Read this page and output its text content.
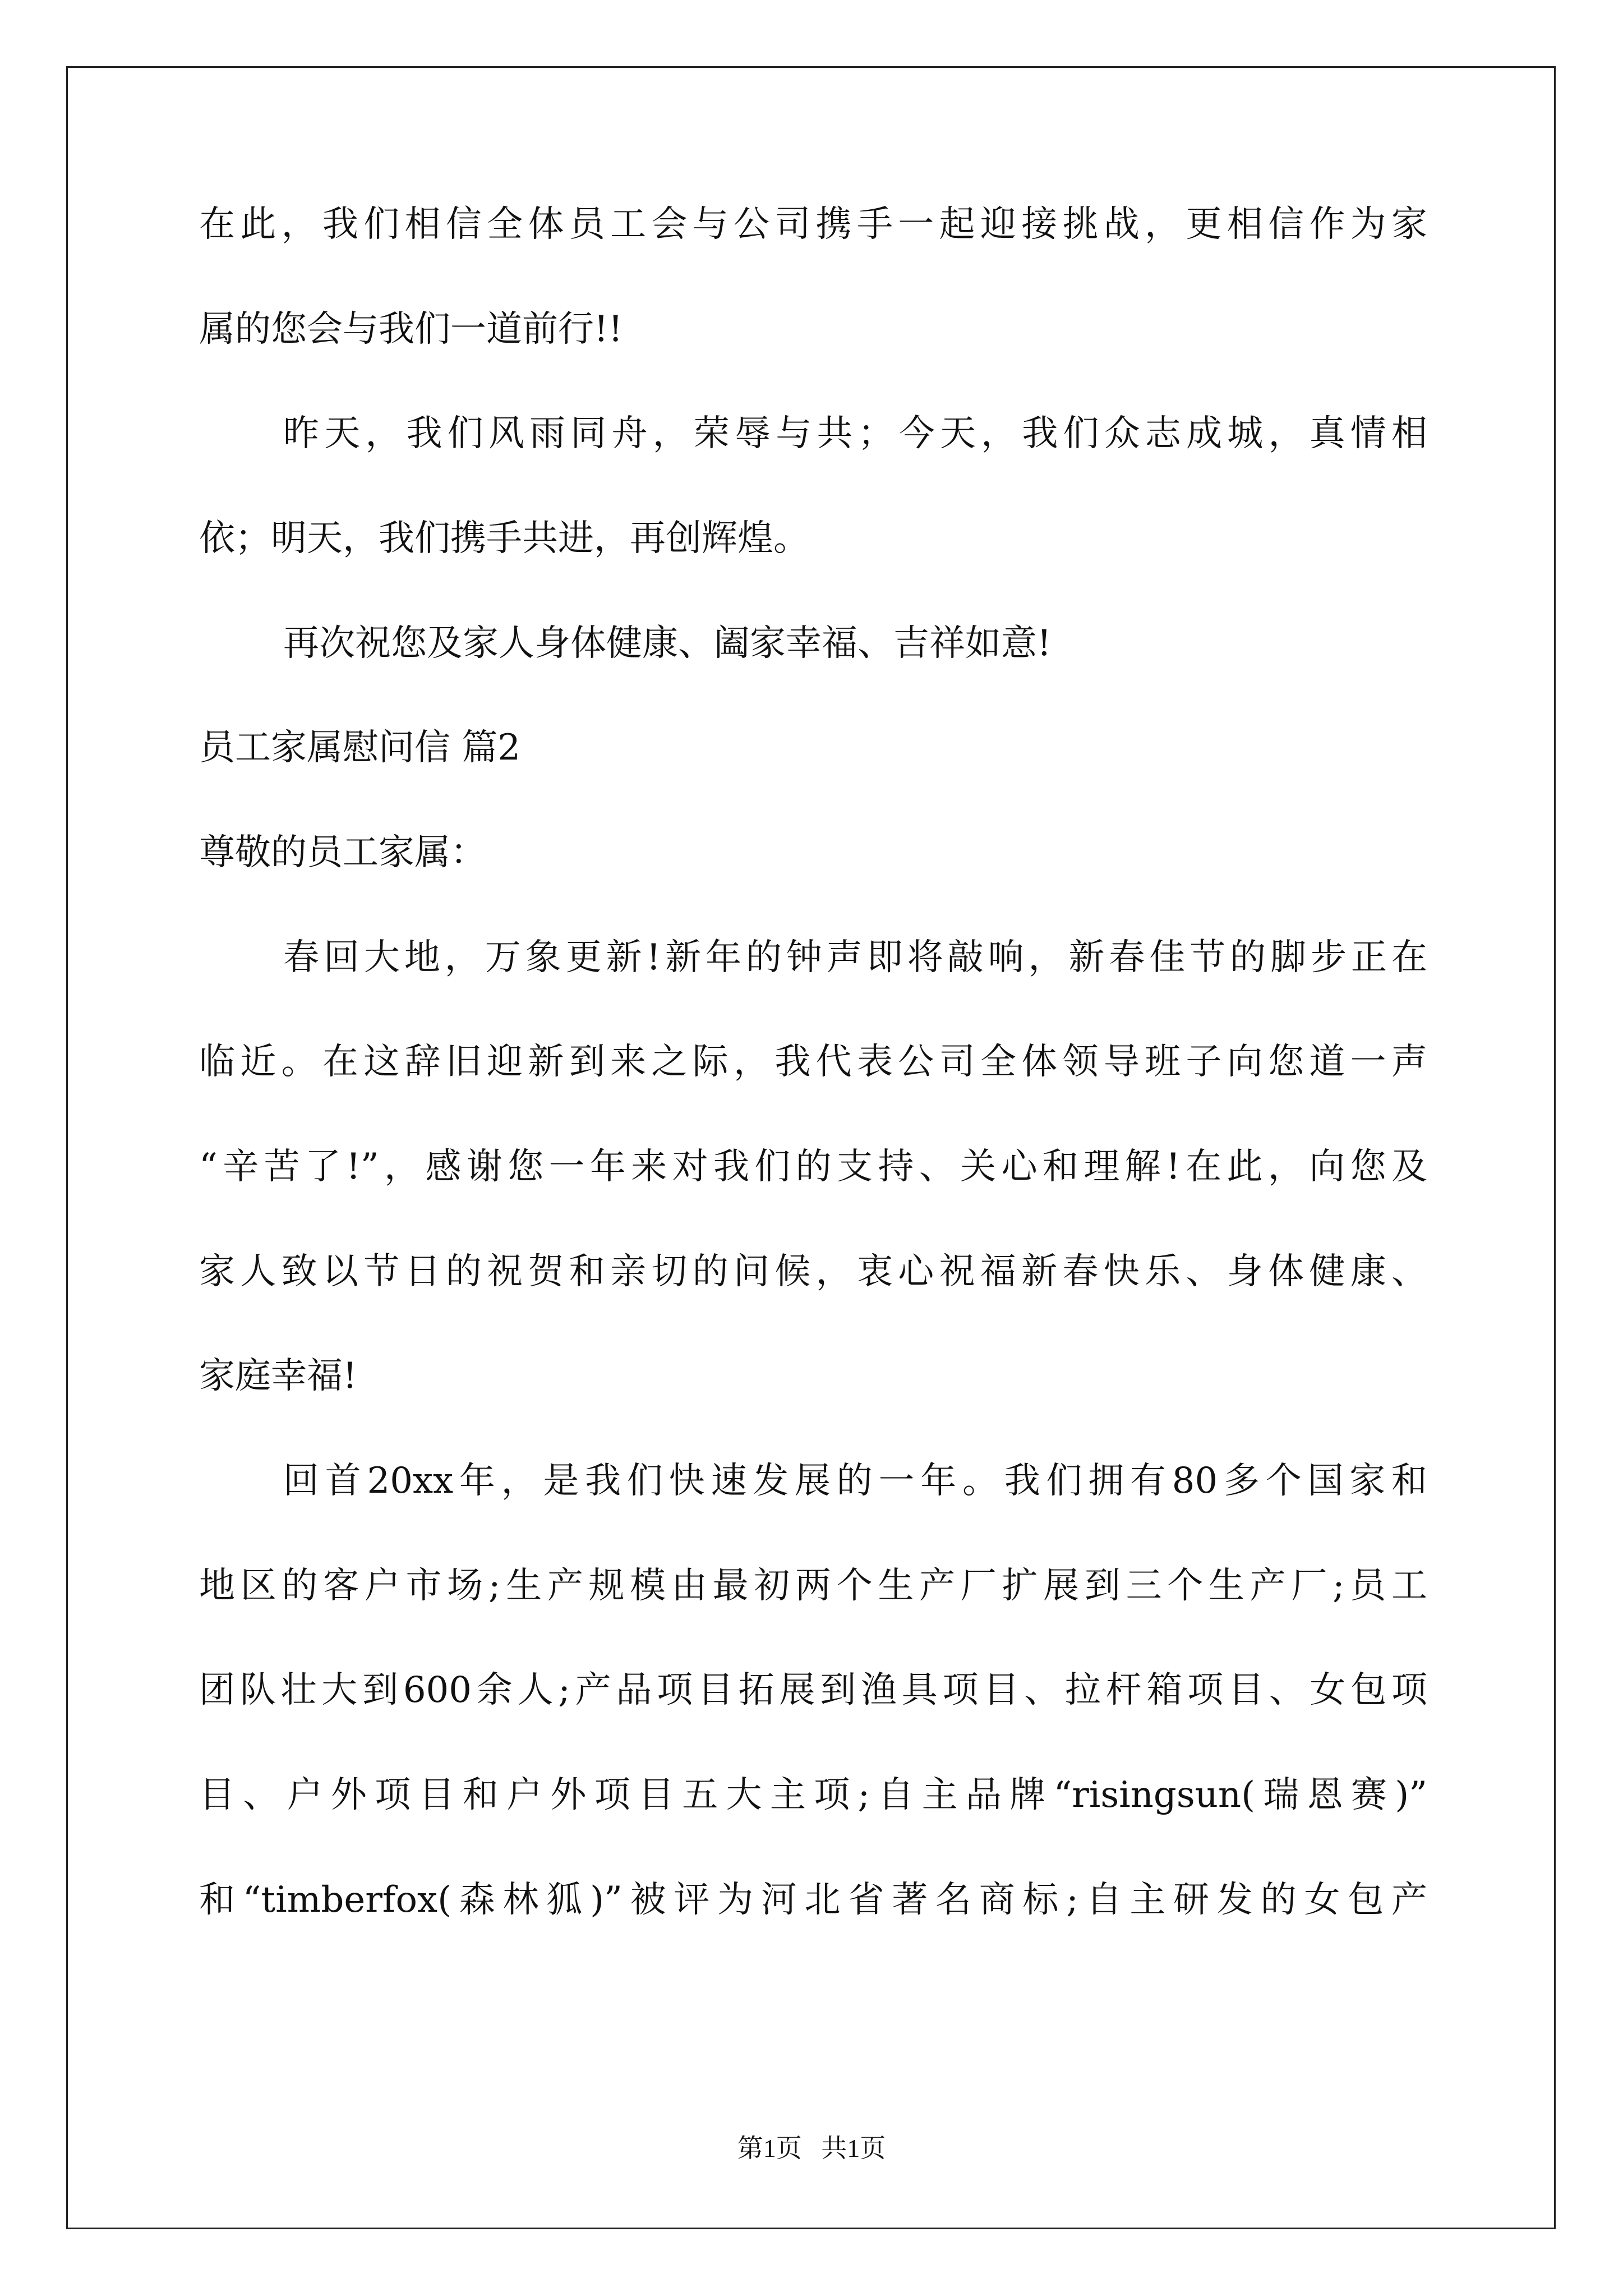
在此，我们相信全体员工会与公司携手一起迎接挑战，更相信作为家
属的您会与我们一道前行!!
昨天，我们风雨同舟，荣辱与共；今天，我们众志成城，真情相
依；明天，我们携手共进，再创辉煌。
再次祝您及家人身体健康、阖家幸福、吉祥如意!
员工家属慰问信 篇2
尊敬的员工家属：
春回大地，万象更新!新年的钟声即将敲响，新春佳节的脚步正在
临近。在这辞旧迎新到来之际，我代表公司全体领导班子向您道一声
“辛苦了!”，感谢您一年来对我们的支持、关心和理解!在此，向您及
家人致以节日的祝贺和亲切的问候，衷心祝福新春快乐、身体健康、
家庭幸福!
回首20xx年，是我们快速发展的一年。我们拥有80多个国家和
地区的客户市场;生产规模由最初两个生产厂扩展到三个生产厂;员工
团队壮大到600余人;产品项目拓展到渔具项目、拉杆箱项目、女包项
目、户外项目和户外项目五大主项;自主品牌“risingsun(瑞恩赛)”
和“timberfox(森林狐)”被评为河北省著名商标;自主研发的女包产
第1页   共1页
